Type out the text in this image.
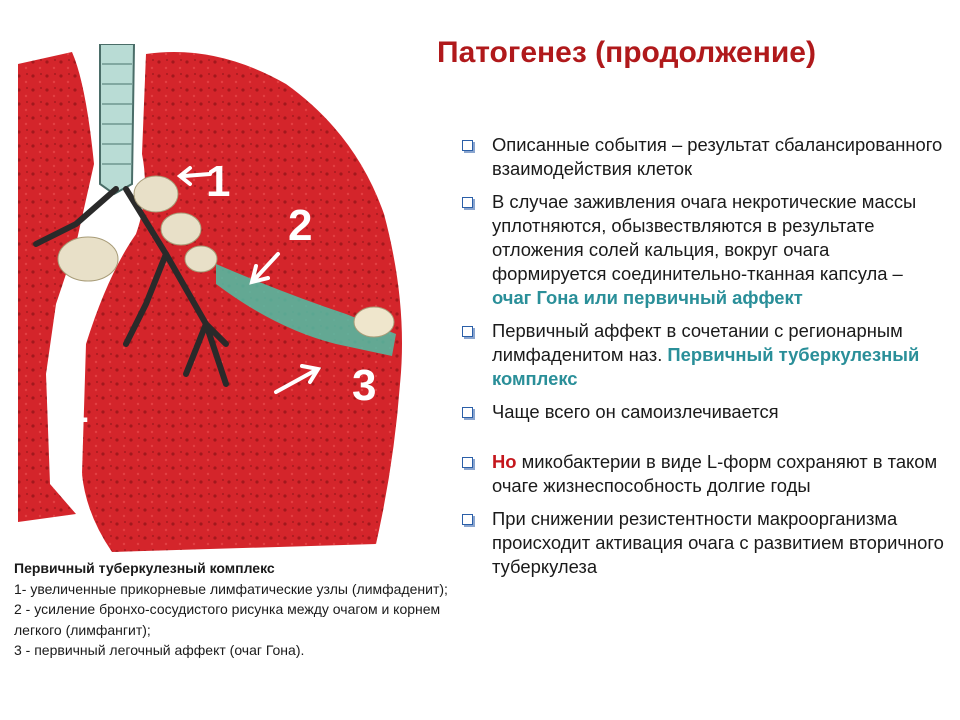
Патогенез (продолжение)
1
2
3
1
Описанные события – результат сбалансированного взаимодействия клеток
В случае заживления очага некротические массы уплотняются, обызвествляются в результате отложения солей кальция, вокруг очага формируется соединительно-тканная капсула – очаг Гона или первичный аффект
Первичный аффект в сочетании с регионарным лимфаденитом наз. Первичный туберкулезный комплекс
Чаще всего он самоизлечивается
Но микобактерии в виде L-форм сохраняют в таком очаге жизнеспособность долгие годы
При снижении резистентности макроорганизма происходит активация очага с развитием вторичного туберкулеза
Первичный туберкулезный комплекс
1- увеличенные прикорневые лимфатические узлы (лимфаденит);
2 - усиление бронхо-сосудистого рисунка между очагом и корнем легкого (лимфангит);
3 - первичный легочный аффект (очаг Гона).
